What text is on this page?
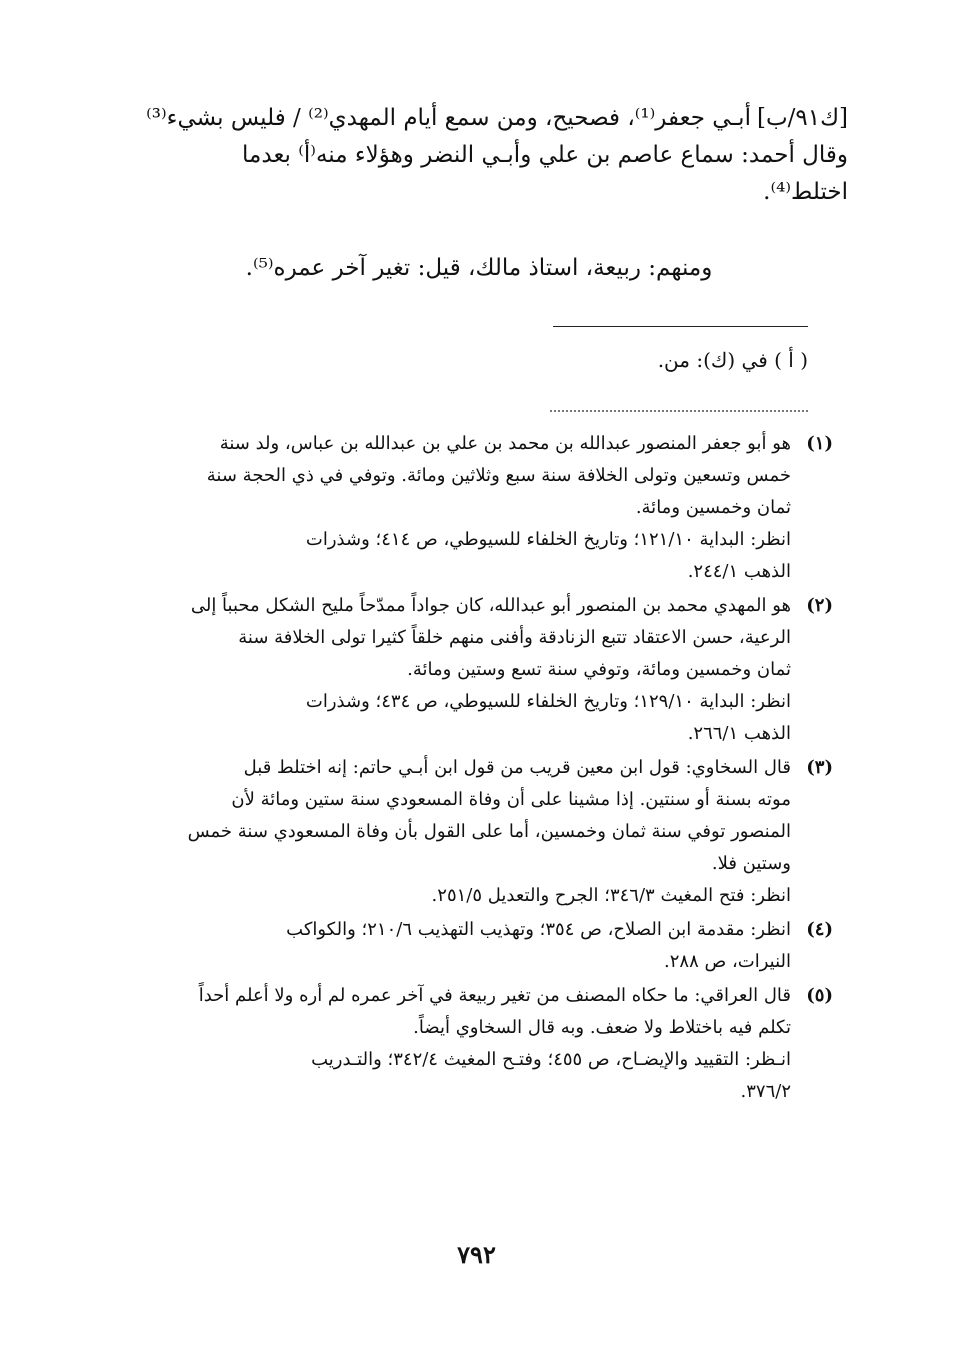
[ك٩١/ب]أبـي جعفر⁽¹⁾، فصحيح، ومن سمع أيام المهدي⁽²⁾ / فليس بشيء⁽³⁾
وقال أحمد: سماع عاصم بن علي وأبـي النضر وهؤلاء منه⁽أ⁾ بعدما
اختلط⁽⁴⁾.
ومنهم: ربيعة، استاذ مالك، قيل: تغير آخر عمره⁽⁵⁾.
( أ ) في (ك): من.
(١)
هو أبو جعفر المنصور عبدالله بن محمد بن علي بن عبدالله بن عباس، ولد سنة
خمس وتسعين وتولى الخلافة سنة سبع وثلاثين ومائة. وتوفي في ذي الحجة سنة
ثمان وخمسين ومائة.
انظر: البداية ١٢١/١٠؛ وتاريخ الخلفاء للسيوطي، ص ٤١٤؛ وشذرات
الذهب ٢٤٤/١.
(٢)
هو المهدي محمد بن المنصور أبو عبدالله، كان جواداً ممدّحاً مليح الشكل محبباً إلى
الرعية، حسن الاعتقاد تتبع الزنادقة وأفنى منهم خلقاً كثيرا تولى الخلافة سنة
ثمان وخمسين ومائة، وتوفي سنة تسع وستين ومائة.
انظر: البداية ١٢٩/١٠؛ وتاريخ الخلفاء للسيوطي، ص ٤٣٤؛ وشذرات
الذهب ٢٦٦/١.
(٣)
قال السخاوي: قول ابن معين قريب من قول ابن أبـي حاتم: إنه اختلط قبل
موته بسنة أو سنتين. إذا مشينا على أن وفاة المسعودي سنة ستين ومائة لأن
المنصور توفي سنة ثمان وخمسين، أما على القول بأن وفاة المسعودي سنة خمس
وستين فلا.
انظر: فتح المغيث ٣٤٦/٣؛ الجرح والتعديل ٢٥١/٥.
(٤)
انظر: مقدمة ابن الصلاح، ص ٣٥٤؛ وتهذيب التهذيب ٢١٠/٦؛ والكواكب
النيرات، ص ٢٨٨.
(٥)
قال العراقي: ما حكاه المصنف من تغير ربيعة في آخر عمره لم أره ولا أعلم أحداً
تكلم فيه باختلاط ولا ضعف. وبه قال السخاوي أيضاً.
انـظر: التقييد والإيضـاح، ص ٤٥٥؛ وفتـح المغيث ٣٤٢/٤؛ والتـدريب
٣٧٦/٢.
٧٩٢
